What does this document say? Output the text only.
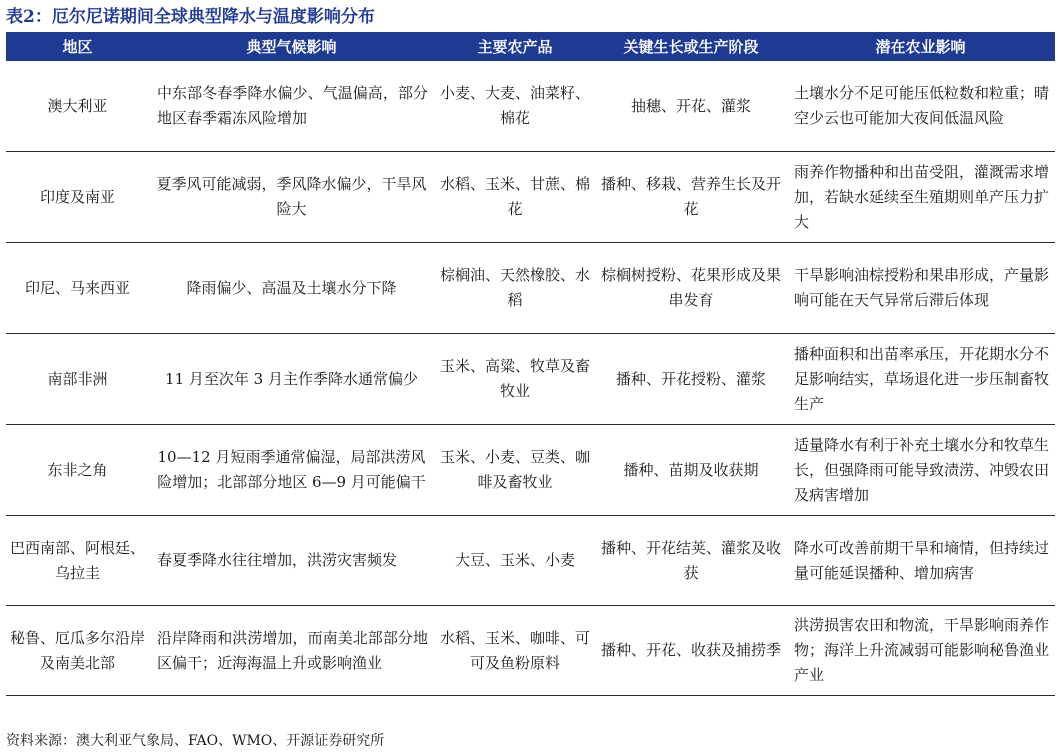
表2：厄尔尼诺期间全球典型降水与温度影响分布
地区	典型气候影响	主要农产品	关键生长或生产阶段	潜在农业影响
澳大利亚	中东部冬春季降水偏少、气温偏高，部分地区春季霜冻风险增加	小麦、大麦、油菜籽、棉花	抽穗、开花、灌浆	土壤水分不足可能压低粒数和粒重；晴空少云也可能加大夜间低温风险
印度及南亚	夏季风可能减弱，季风降水偏少，干旱风险大	水稻、玉米、甘蔗、棉花	播种、移栽、营养生长及开花	雨养作物播种和出苗受阻，灌溉需求增加，若缺水延续至生殖期则单产压力扩大
印尼、马来西亚	降雨偏少、高温及土壤水分下降	棕榈油、天然橡胶、水稻	棕榈树授粉、花果形成及果串发育	干旱影响油棕授粉和果串形成，产量影响可能在天气异常后滞后体现
南部非洲	11 月至次年 3 月主作季降水通常偏少	玉米、高粱、牧草及畜牧业	播种、开花授粉、灌浆	播种面积和出苗率承压，开花期水分不足影响结实，草场退化进一步压制畜牧生产
东非之角	10—12 月短雨季通常偏湿，局部洪涝风险增加；北部部分地区 6—9 月可能偏干	玉米、小麦、豆类、咖啡及畜牧业	播种、苗期及收获期	适量降水有利于补充土壤水分和牧草生长，但强降雨可能导致渍涝、冲毁农田及病害增加
巴西南部、阿根廷、乌拉圭	春夏季降水往往增加，洪涝灾害频发	大豆、玉米、小麦	播种、开花结荚、灌浆及收获	降水可改善前期干旱和墒情，但持续过量可能延误播种、增加病害
秘鲁、厄瓜多尔沿岸及南美北部	沿岸降雨和洪涝增加，而南美北部部分地区偏干；近海海温上升或影响渔业	水稻、玉米、咖啡、可可及鱼粉原料	播种、开花、收获及捕捞季	洪涝损害农田和物流，干旱影响雨养作物；海洋上升流减弱可能影响秘鲁渔业产业
资料来源：澳大利亚气象局、FAO、WMO、开源证券研究所
